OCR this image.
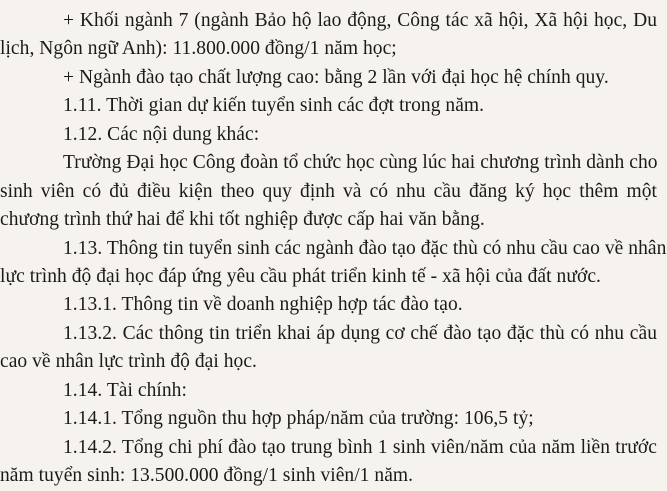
+ Khối ngành 7 (ngành Bảo hộ lao động, Công tác xã hội, Xã hội học, Du
lịch, Ngôn ngữ Anh): 11.800.000 đồng/1 năm học;
+ Ngành đào tạo chất lượng cao: bằng 2 lần với đại học hệ chính quy.
1.11. Thời gian dự kiến tuyển sinh các đợt trong năm.
1.12. Các nội dung khác:
Trường Đại học Công đoàn tổ chức học cùng lúc hai chương trình dành cho
sinh viên có đủ điều kiện theo quy định và có nhu cầu đăng ký học thêm một
chương trình thứ hai để khi tốt nghiệp được cấp hai văn bằng.
1.13. Thông tin tuyển sinh các ngành đào tạo đặc thù có nhu cầu cao về nhân
lực trình độ đại học đáp ứng yêu cầu phát triển kinh tế - xã hội của đất nước.
1.13.1. Thông tin về doanh nghiệp hợp tác đào tạo.
1.13.2. Các thông tin triển khai áp dụng cơ chế đào tạo đặc thù có nhu cầu
cao về nhân lực trình độ đại học.
1.14. Tài chính:
1.14.1. Tổng nguồn thu hợp pháp/năm của trường: 106,5 tỷ;
1.14.2. Tổng chi phí đào tạo trung bình 1 sinh viên/năm của năm liền trước
năm tuyển sinh: 13.500.000 đồng/1 sinh viên/1 năm.
